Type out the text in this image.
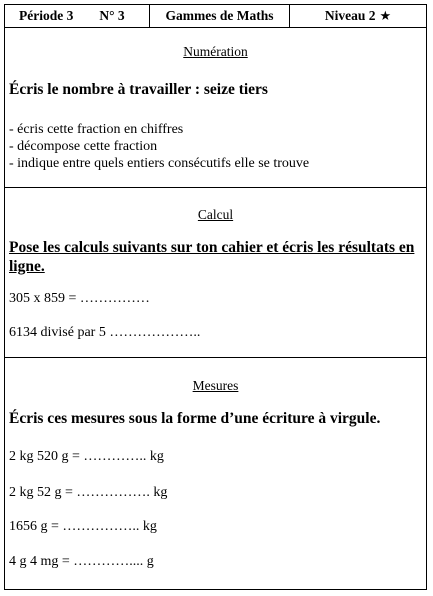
Période 3 N° 3	Gammes de Maths	Niveau 2 ★
Numération
Écris le nombre à travailler : seize tiers
- écris cette fraction en chiffres
- décompose cette fraction
- indique entre quels entiers consécutifs elle se trouve
Calcul
Pose les calculs suivants sur ton cahier et écris les résultats en ligne.
305 x 859 = ……………
6134 divisé par 5 ………………..
Mesures
Écris ces mesures sous la forme d’une écriture à virgule.
2 kg 520 g = ………….. kg
2 kg 52 g = ……………. kg
1656 g = …………….. kg
4 g 4 mg = ………….... g
